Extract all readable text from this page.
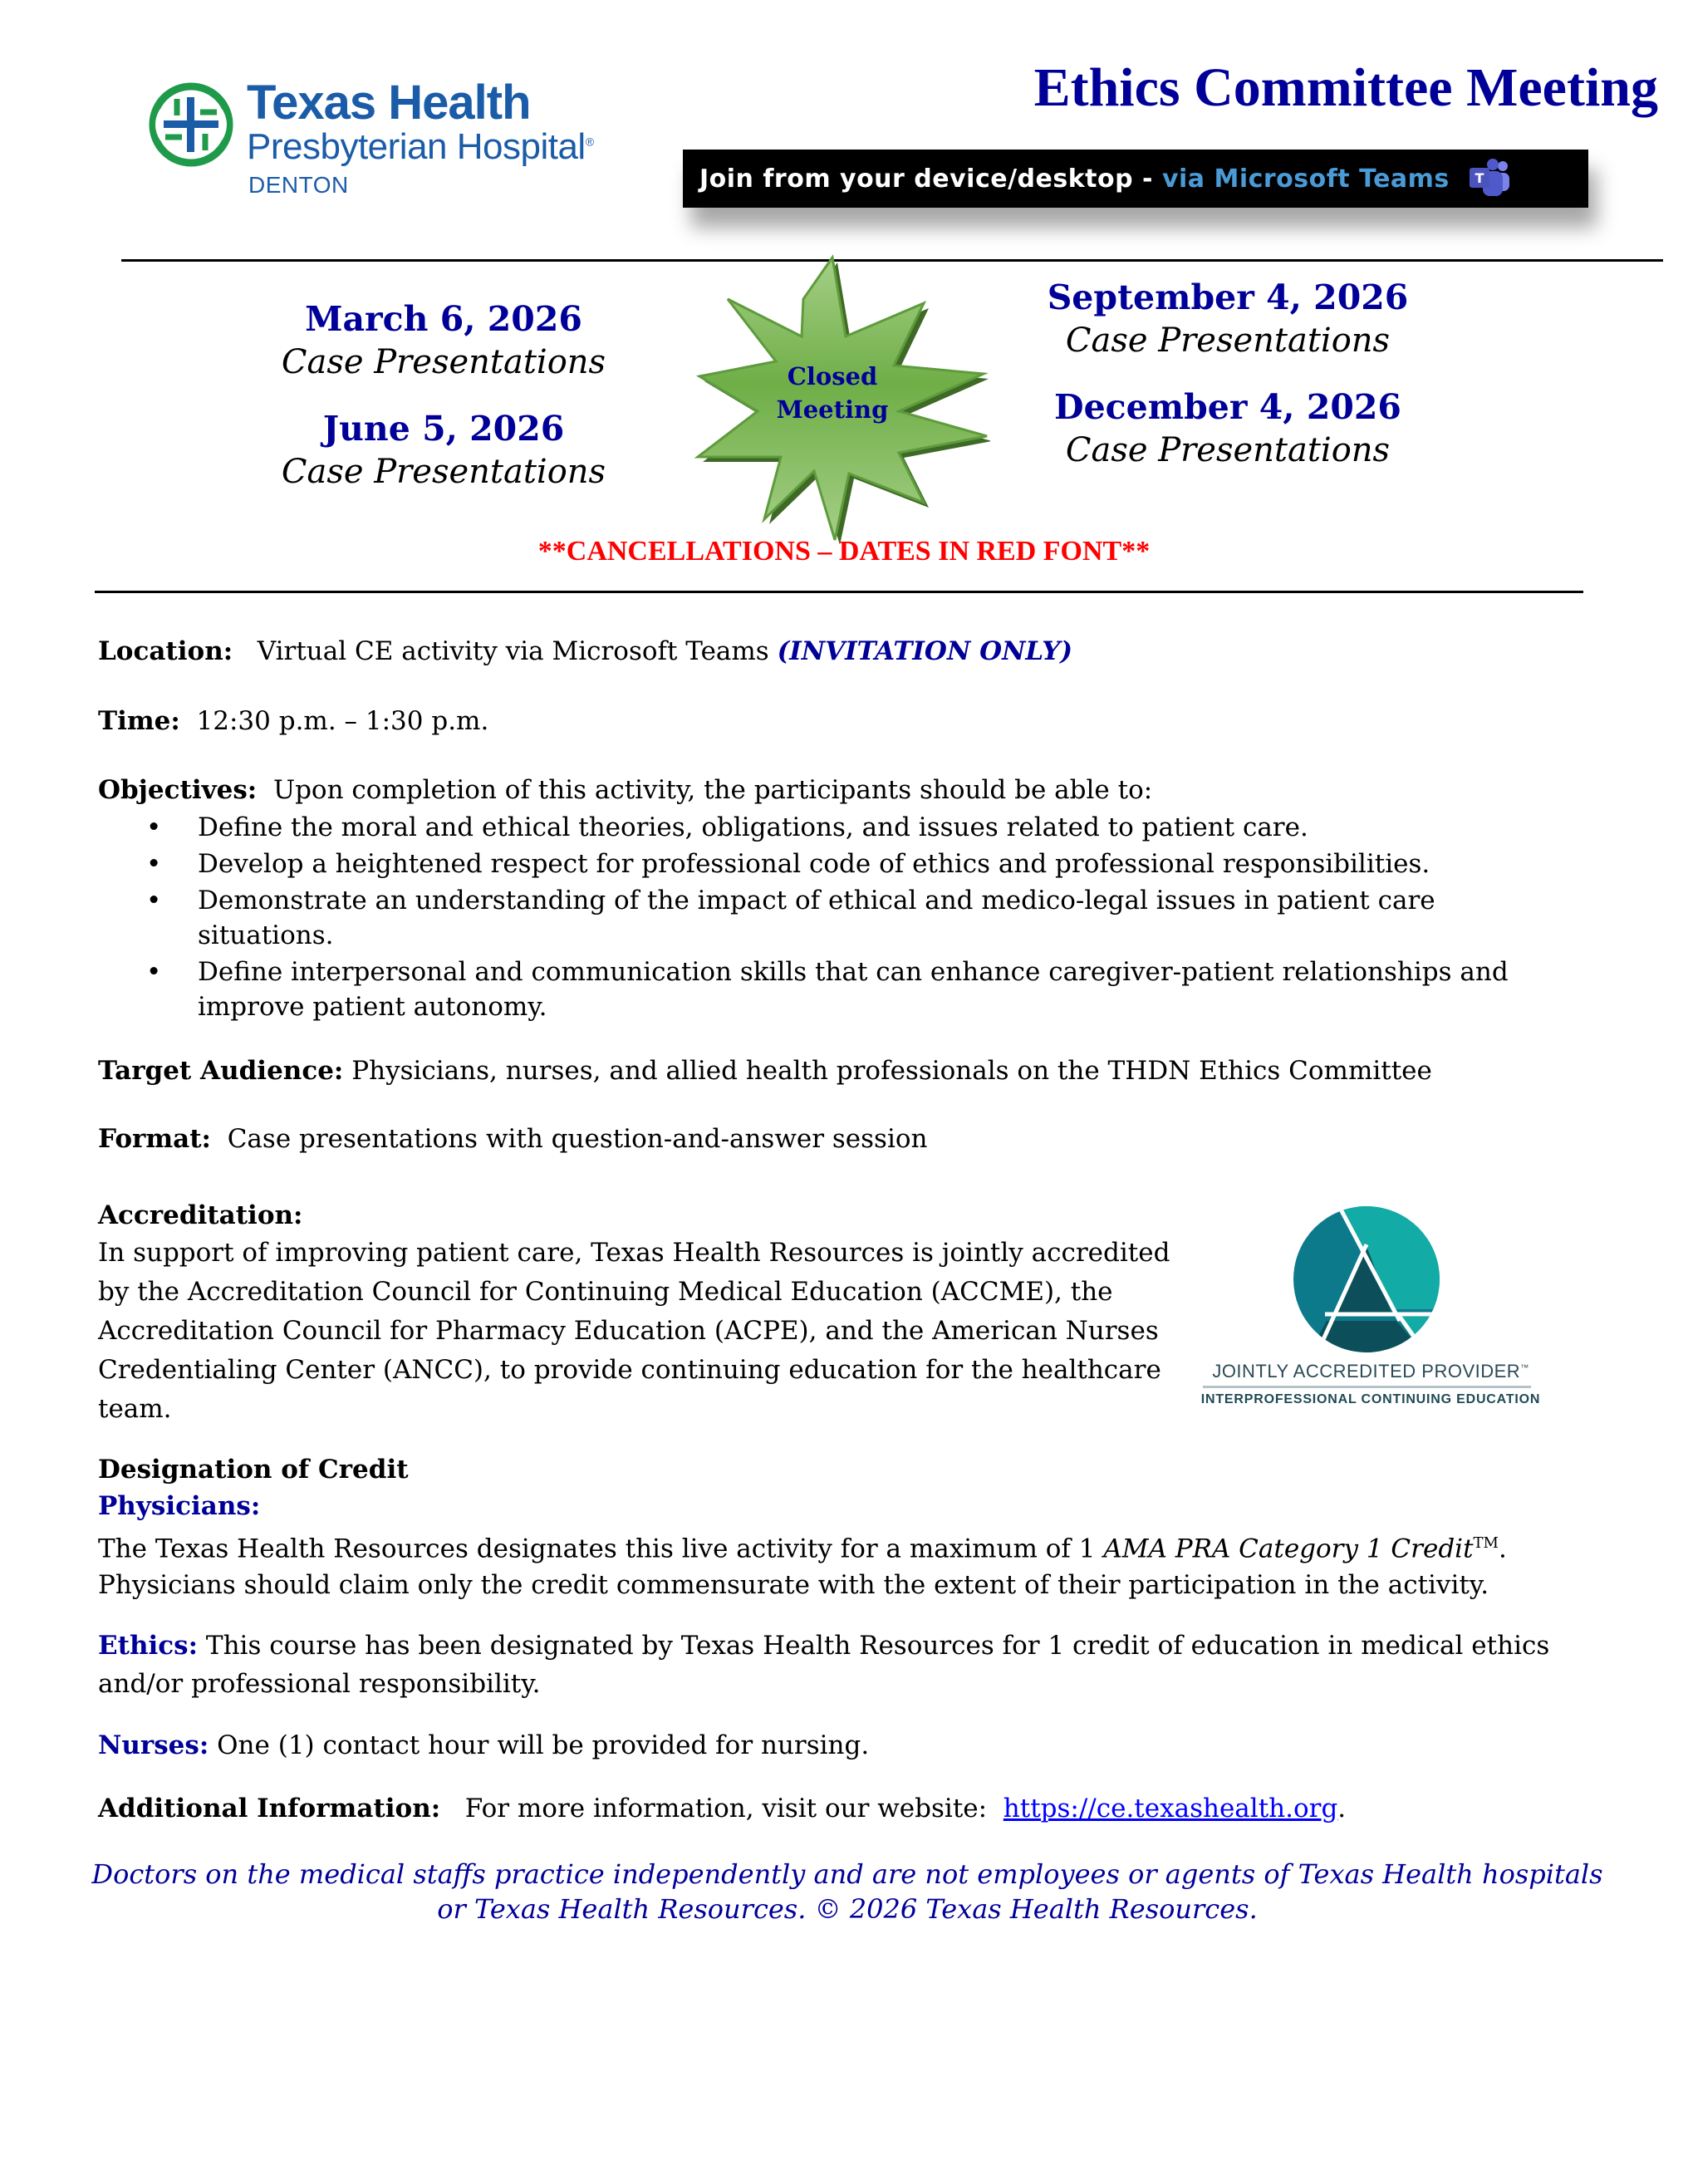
Texas Health
Presbyterian Hospital®
DENTON
Ethics Committee Meeting
Join from your device/desktop - via Microsoft Teams T
March 6, 2026
Case Presentations
June 5, 2026
Case Presentations
Closed
Meeting
September 4, 2026
Case Presentations
December 4, 2026
Case Presentations
**CANCELLATIONS – DATES IN RED FONT**
Location: Virtual CE activity via Microsoft Teams (INVITATION ONLY)
Time: 12:30 p.m. – 1:30 p.m.
Objectives: Upon completion of this activity, the participants should be able to:
• Define the moral and ethical theories, obligations, and issues related to patient care.
• Develop a heightened respect for professional code of ethics and professional responsibilities.
• Demonstrate an understanding of the impact of ethical and medico-legal issues in patient care situations.
• Define interpersonal and communication skills that can enhance caregiver-patient relationships and improve patient autonomy.
Target Audience: Physicians, nurses, and allied health professionals on the THDN Ethics Committee
Format: Case presentations with question-and-answer session
Accreditation:
In support of improving patient care, Texas Health Resources is jointly accredited by the Accreditation Council for Continuing Medical Education (ACCME), the Accreditation Council for Pharmacy Education (ACPE), and the American Nurses Credentialing Center (ANCC), to provide continuing education for the healthcare team.
JOINTLY ACCREDITED PROVIDER™
INTERPROFESSIONAL CONTINUING EDUCATION
Designation of Credit
Physicians:
The Texas Health Resources designates this live activity for a maximum of 1 AMA PRA Category 1 Credit™.
Physicians should claim only the credit commensurate with the extent of their participation in the activity.
Ethics: This course has been designated by Texas Health Resources for 1 credit of education in medical ethics and/or professional responsibility.
Nurses: One (1) contact hour will be provided for nursing.
Additional Information: For more information, visit our website:  https://ce.texashealth.org.
Doctors on the medical staffs practice independently and are not employees or agents of Texas Health hospitals
or Texas Health Resources. © 2026 Texas Health Resources.
